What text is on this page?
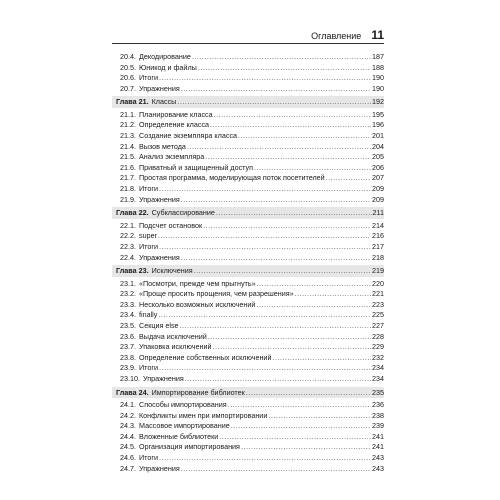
Оглавление 11
20.4. Декодирование .....	187
20.5. Юникод и файлы .....	188
20.6. Итоги .....	190
20.7. Упражнения .....	190
Глава 21. Классы .....	192
21.1. Планирование класса .....	195
21.2. Определение класса .....	196
21.3. Создание экземпляра класса .....	201
21.4. Вызов метода .....	204
21.5. Анализ экземпляра .....	205
21.6. Приватный и защищенный доступ .....	206
21.7. Простая программа, моделирующая поток посетителей .....	207
21.8. Итоги .....	209
21.9. Упражнения .....	209
Глава 22. Субклассирование .....	211
22.1. Подсчет остановок .....	214
22.2. super .....	216
22.3. Итоги .....	217
22.4. Упражнения .....	218
Глава 23. Исключения .....	219
23.1. «Посмотри, прежде чем прыгнуть» .....	220
23.2. «Проще просить прощения, чем разрешения» .....	221
23.3. Несколько возможных исключений .....	223
23.4. finally .....	225
23.5. Секция else .....	227
23.6. Выдача исключений .....	228
23.7. Упаковка исключений .....	229
23.8. Определение собственных исключений .....	232
23.9. Итоги .....	234
23.10. Упражнения .....	234
Глава 24. Импортирование библиотек .....	235
24.1. Способы импортирования .....	236
24.2. Конфликты имен при импортировании .....	238
24.3. Массовое импортирование .....	239
24.4. Вложенные библиотеки .....	241
24.5. Организация импортирования .....	241
24.6. Итоги .....	243
24.7. Упражнения .....	243
